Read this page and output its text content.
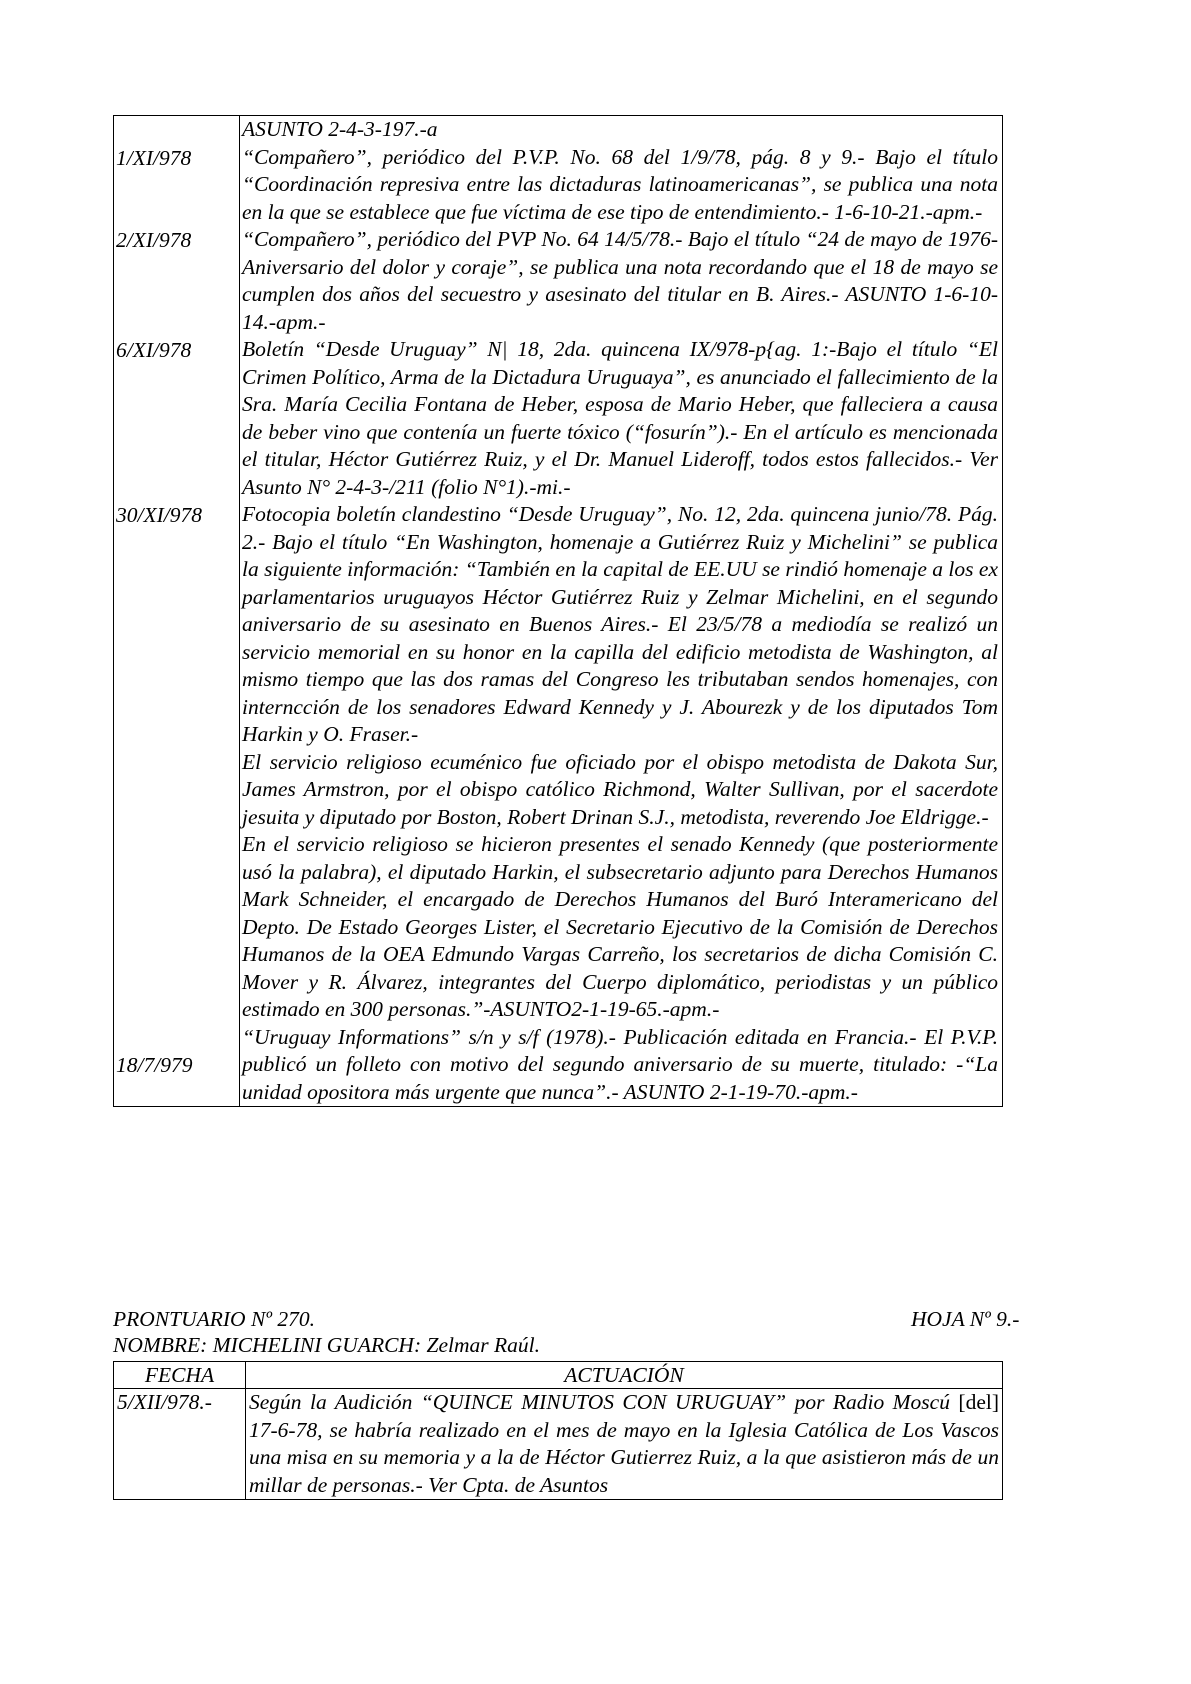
	ASUNTO 2-4-3-197.-a

1/XI/978	“Compañero”, periódico del P.V.P. No. 68 del 1/9/78, pág. 8 y 9.- Bajo el título “Coordinación represiva entre las dictaduras latinoamericanas”, se publica una nota en la que se establece que fue víctima de ese tipo de entendimiento.- 1-6-10-21.-apm.-

2/XI/978	“Compañero”, periódico del PVP No. 64 14/5/78.- Bajo el título “24 de mayo de 1976-Aniversario del dolor y coraje”, se publica una nota recordando que el 18 de mayo se cumplen dos años del secuestro y asesinato del titular en B. Aires.- ASUNTO 1-6-10-14.-apm.-

6/XI/978	Boletín “Desde Uruguay” N| 18, 2da. quincena IX/978-p{ag. 1:-Bajo el título “El Crimen Político, Arma de la Dictadura Uruguaya”, es anunciado el fallecimiento de la Sra. María Cecilia Fontana de Heber, esposa de Mario Heber, que falleciera a causa de beber vino que contenía un fuerte tóxico (“fosurín”).- En el artículo es mencionada el titular, Héctor Gutiérrez Ruiz, y el Dr. Manuel Lideroff, todos estos fallecidos.- Ver Asunto N° 2-4-3-/211 (folio N°1).-mi.-

30/XI/978	Fotocopia boletín clandestino “Desde Uruguay”, No. 12, 2da. quincena junio/78. Pág. 2.- Bajo el título “En Washington, homenaje a Gutiérrez Ruiz y Michelini” se publica la siguiente información: “También en la capital de EE.UU se rindió homenaje a los ex parlamentarios uruguayos Héctor Gutiérrez Ruiz y Zelmar Michelini, en el segundo aniversario de su asesinato en Buenos Aires.- El 23/5/78 a mediodía se realizó un servicio memorial en su honor en la capilla del edificio metodista de Washington, al mismo tiempo que las dos ramas del Congreso les tributaban sendos homenajes, con interncción de los senadores Edward Kennedy y J. Abourezk y de los diputados Tom Harkin y O. Fraser.-

El servicio religioso ecuménico fue oficiado por el obispo metodista de Dakota Sur, James Armstron, por el obispo católico Richmond, Walter Sullivan, por el sacerdote jesuita y diputado por Boston, Robert Drinan S.J., metodista, reverendo Joe Eldrigge.-

En el servicio religioso se hicieron presentes el senado Kennedy (que posteriormente usó la palabra), el diputado Harkin, el subsecretario adjunto para Derechos Humanos Mark Schneider, el encargado de Derechos Humanos del Buró Interamericano del Depto. De Estado Georges Lister, el Secretario Ejecutivo de la Comisión de Derechos Humanos de la OEA Edmundo Vargas Carreño, los secretarios de dicha Comisión C. Mover y R. Álvarez, integrantes del Cuerpo diplomático, periodistas y un público estimado en 300 personas.”-ASUNTO2-1-19-65.-apm.-

18/7/979	“Uruguay Informations” s/n y s/f (1978).- Publicación editada en Francia.- El P.V.P. publicó un folleto con motivo del segundo aniversario de su muerte, titulado: -“La unidad opositora más urgente que nunca”.- ASUNTO 2-1-19-70.-apm.-

PRONTUARIO Nº 270.	HOJA Nº 9.-
NOMBRE: MICHELINI GUARCH: Zelmar Raúl.
FECHA	ACTUACIÓN
5/XII/978.-	Según la Audición “QUINCE MINUTOS CON URUGUAY” por Radio Moscú [del] 17-6-78, se habría realizado en el mes de mayo en la Iglesia Católica de Los Vascos una misa en su memoria y a la de Héctor Gutierrez Ruiz, a la que asistieron más de un millar de personas.- Ver Cpta. de Asuntos
